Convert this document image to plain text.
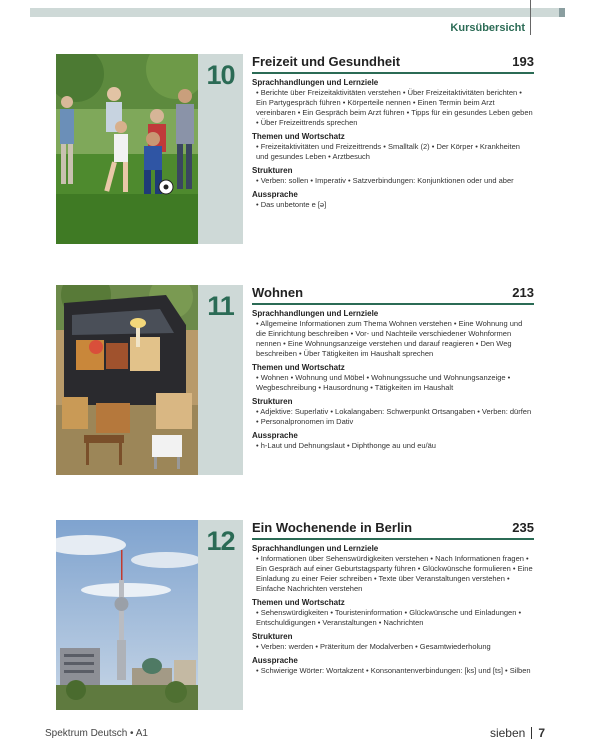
Kursübersicht
10	Freizeit und Gesundheit	193
Sprachhandlungen und Lernziele
• Berichte über Freizeitaktivitäten verstehen • Über Freizeitaktivitäten berichten • Ein Partygespräch führen • Körperteile nennen • Einen Termin beim Arzt vereinbaren • Ein Gespräch beim Arzt führen • Tipps für ein gesundes Leben geben • Über Freizeittrends sprechen
Themen und Wortschatz
• Freizeitaktivitäten und Freizeittrends • Smalltalk (2) • Der Körper • Krankheiten und gesundes Leben • Arztbesuch
Strukturen
• Verben: sollen • Imperativ • Satzverbindungen: Konjunktionen oder und aber
Aussprache
• Das unbetonte e [ə]
11	Wohnen	213
Sprachhandlungen und Lernziele
• Allgemeine Informationen zum Thema Wohnen verstehen • Eine Wohnung und die Einrichtung beschreiben • Vor- und Nachteile verschiedener Wohnformen nennen • Eine Wohnungsanzeige verstehen und darauf reagieren • Den Weg beschreiben • Über Tätigkeiten im Haushalt sprechen
Themen und Wortschatz
• Wohnen • Wohnung und Möbel • Wohnungssuche und Wohnungsanzeige • Wegbeschreibung • Hausordnung • Tätigkeiten im Haushalt
Strukturen
• Adjektive: Superlativ • Lokalangaben: Schwerpunkt Ortsangaben • Verben: dürfen • Personalpronomen im Dativ
Aussprache
• h-Laut und Dehnungslaut • Diphthonge au und eu/äu
12	Ein Wochenende in Berlin	235
Sprachhandlungen und Lernziele
• Informationen über Sehenswürdigkeiten verstehen • Nach Informationen fragen • Ein Gespräch auf einer Geburtstagsparty führen • Glückwünsche formulieren • Eine Einladung zu einer Feier schreiben • Texte über Veranstaltungen verstehen • Einfache Nachrichten verstehen
Themen und Wortschatz
• Sehenswürdigkeiten • Touristeninformation • Glückwünsche und Einladungen • Entschuldigungen • Veranstaltungen • Nachrichten
Strukturen
• Verben: werden • Präteritum der Modalverben • Gesamtwiederholung
Aussprache
• Schwierige Wörter: Wortakzent • Konsonantenverbindungen: [ks] und [ts] • Silben
Spektrum Deutsch • A1	sieben 7
